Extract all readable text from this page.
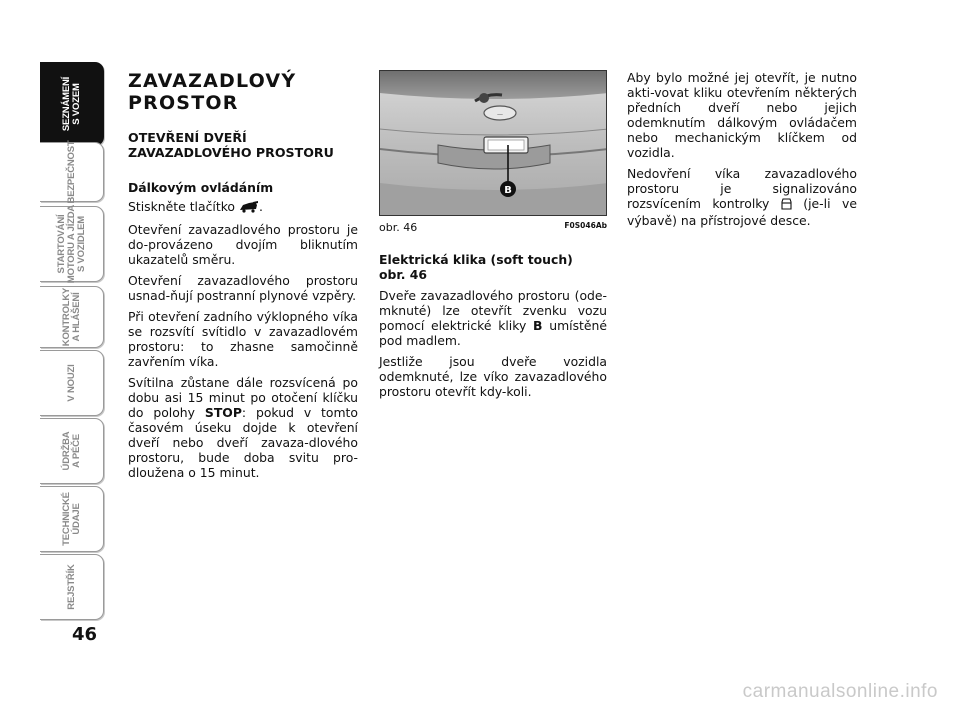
SEZNÁMENÍ
S VOZEM
BEZPEČNOST
STARTOVÁNÍ
MOTORU A JÍZDA
S VOZIDLEM
KONTROLKY
A HLÁŠENÍ
V NOUZI
ÚDRŽBA
A PÉČE
TECHNICKÉ
ÚDAJE
REJSTŘÍK
46
ZAVAZADLOVÝ PROSTOR
OTEVŘENÍ DVEŘÍ ZAVAZADLOVÉHO PROSTORU
Dálkovým ovládáním

Stiskněte tlačítko .

Otevření zavazadlového prostoru je do-provázeno dvojím bliknutím ukazatelů směru.

Otevření zavazadlového prostoru usnad-ňují postranní plynové vzpěry.

Při otevření zadního výklopného víka se rozsvítí svítidlo v zavazadlovém prostoru: to zhasne samočinně zavřením víka.

Svítilna zůstane dále rozsvícená po dobu asi 15 minut po otočení klíčku do polohy STOP: pokud v tomto časovém úseku dojde k otevření dveří nebo dveří zavaza-dlového prostoru, bude doba svitu pro-dloužena o 15 minut.

—
B
obr. 46	F0S046Ab
Elektrická klika (soft touch)
obr. 46

Dveře zavazadlového prostoru (ode-mknuté) lze otevřít zvenku vozu pomocí elektrické kliky B umístěné pod madlem.

Jestliže jsou dveře vozidla odemknuté, lze víko zavazadlového prostoru otevřít kdy-koli.

Aby bylo možné jej otevřít, je nutno akti-vovat kliku otevřením některých předních dveří nebo jejich odemknutím dálkovým ovládačem nebo mechanickým klíčkem od vozidla.

Nedovření víka zavazadlového prostoru je signalizováno rozsvícením kontrolky	(je-li ve výbavě) na přístrojové desce.

carmanualsonline.info
